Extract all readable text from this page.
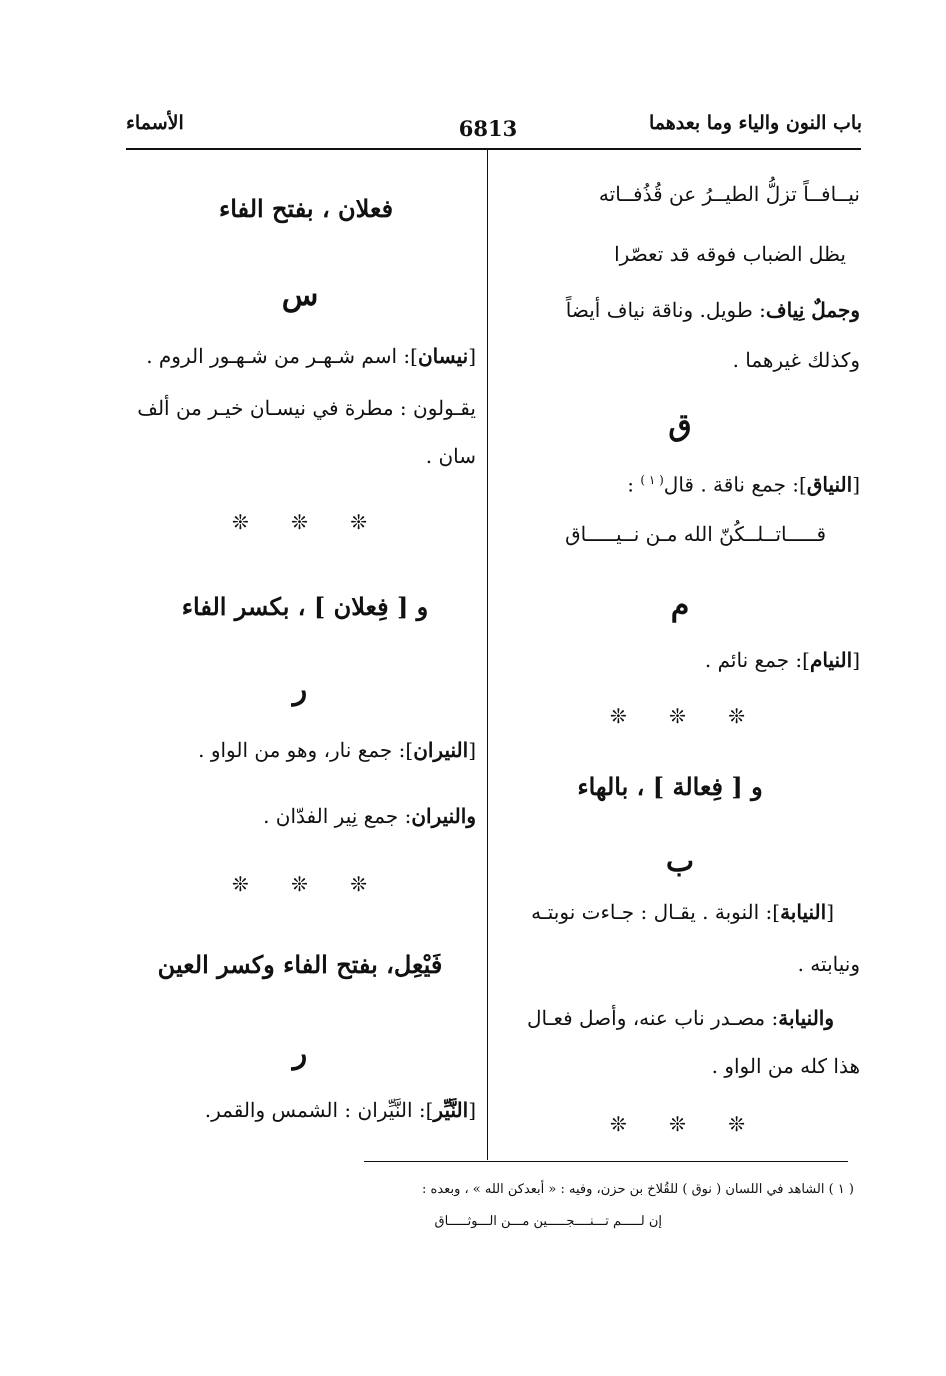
باب النون والياء وما بعدهما
6813
الأسماء
نيــافــاً تزلُّ الطيــرُ عن قُذُفــاته
يظل الضباب فوقه قد تعصّرا
وجملٌ نِياف: طويل. وناقة نياف أيضاً
وكذلك غيرهما .
ق
[النياق]: جمع ناقة . قال$^{( ١ )}$ :
قـــــاتــلــكُنّ الله مـن نــيـــــاق
م
[النيام]: جمع نائم .
❊ ❊ ❊
و [ فِعالة ] ، بالهاء
ب
[النيابة]: النوبة . يقـال : جـاءت نوبتـه
ونيابته .
والنيابة: مصـدر ناب عنه، وأصل فعـال
هذا كله من الواو .
❊ ❊ ❊
فعلان ، بفتح الفاء
س
[نيسان]: اسم شـهـر من شـهـور الروم .
يقـولون : مطرة في نيسـان خيـر من ألف
سان .
❊ ❊ ❊
و [ فِعلان ] ، بكسر الفاء
ر
[النيران]: جمع نار، وهو من الواو .
والنيران: جمع نِير الفدّان .
❊ ❊ ❊
فَيْعِل، بفتح الفاء وكسر العين
ر
[النَّيِّر]: النَّيِّران : الشمس والقمر.
( ١ ) الشاهد في اللسان ( نوق ) للقُلاخ بن حزن، وفيه : « أبعدكن الله » ، وبعده :
إن لـــــم تـــنــــجـــــين مـــن الـــوثـــــاق
